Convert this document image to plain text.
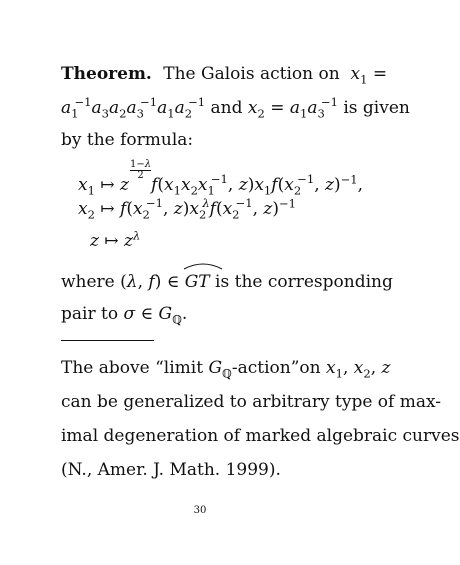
Theorem. The Galois action on $x_1$ =
$a_1^{-1}a_3a_2a_3^{-1}a_1a_2^{-1}$ and $x_2 = a_1a_3^{-1}$ is given
by the formula:
$x_1$ ↦ z
$\frac{1-\lambda}{2}$
$f(x_1x_2x_1^{-1}$, $z)x_1f(x_2^{-1}$, z)$^{-1}$,
$x_2$ ↦ $f(x_2^{-1}$, $z)x_2^\lambda f(x_2^{-1}$, z)$^{-1}$
z ↦ $z^\lambda$
where (λ, f) ∈
GT is the corresponding
pair to σ ∈ $G_ℚ$.
The above “limit $G_ℚ-action”on$ $x_1$, $x_2$, z
can be generalized to arbitrary type of max-
imal degeneration of marked algebraic curves
(N., Amer. J. Math. 1999).
30
